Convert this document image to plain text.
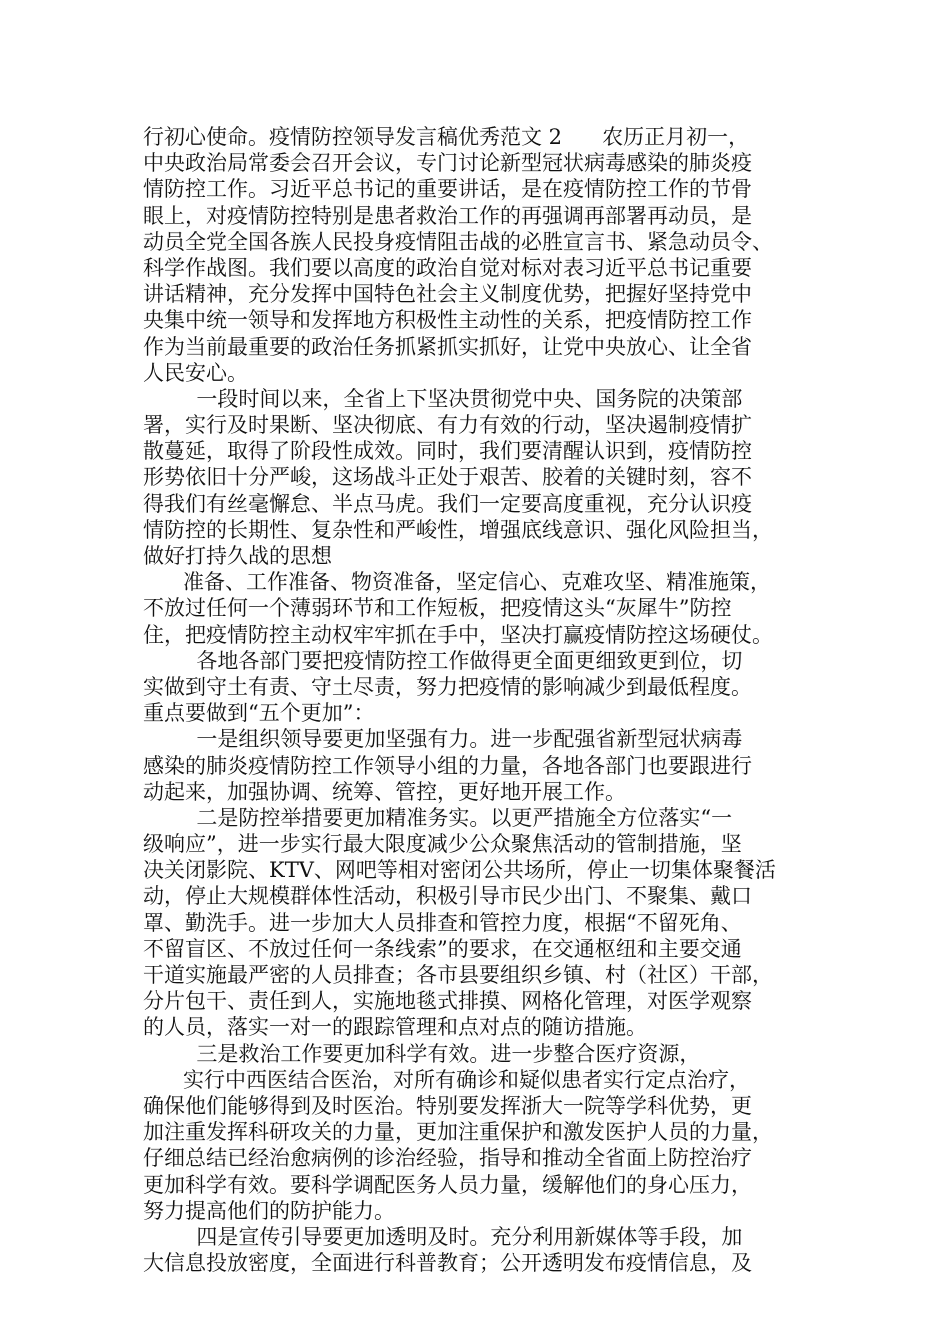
行初心使命。疫情防控领导发言稿优秀范文 2      农历正月初一，
中央政治局常委会召开会议，专门讨论新型冠状病毒感染的肺炎疫
情防控工作。习近平总书记的重要讲话，是在疫情防控工作的节骨
眼上，对疫情防控特别是患者救治工作的再强调再部署再动员，是
动员全党全国各族人民投身疫情阻击战的必胜宣言书、紧急动员令、
科学作战图。我们要以高度的政治自觉对标对表习近平总书记重要
讲话精神，充分发挥中国特色社会主义制度优势，把握好坚持党中
央集中统一领导和发挥地方积极性主动性的关系，把疫情防控工作
作为当前最重要的政治任务抓紧抓实抓好，让党中央放心、让全省
人民安心。
一段时间以来，全省上下坚决贯彻党中央、国务院的决策部
署，实行及时果断、坚决彻底、有力有效的行动，坚决遏制疫情扩
散蔓延，取得了阶段性成效。同时，我们要清醒认识到，疫情防控
形势依旧十分严峻，这场战斗正处于艰苦、胶着的关键时刻，容不
得我们有丝毫懈怠、半点马虎。我们一定要高度重视，充分认识疫
情防控的长期性、复杂性和严峻性，增强底线意识、强化风险担当，
做好打持久战的思想
准备、工作准备、物资准备，坚定信心、克难攻坚、精准施策，
不放过任何一个薄弱环节和工作短板，把疫情这头“灰犀牛”防控
住，把疫情防控主动权牢牢抓在手中，坚决打赢疫情防控这场硬仗。
各地各部门要把疫情防控工作做得更全面更细致更到位，切
实做到守土有责、守土尽责，努力把疫情的影响减少到最低程度。
重点要做到“五个更加”：
一是组织领导要更加坚强有力。进一步配强省新型冠状病毒
感染的肺炎疫情防控工作领导小组的力量，各地各部门也要跟进行
动起来，加强协调、统筹、管控，更好地开展工作。
二是防控举措要更加精准务实。以更严措施全方位落实“一
级响应”，进一步实行最大限度减少公众聚焦活动的管制措施，坚
决关闭影院、KTV、网吧等相对密闭公共场所，停止一切集体聚餐活
动，停止大规模群体性活动，积极引导市民少出门、不聚集、戴口
罩、勤洗手。进一步加大人员排查和管控力度，根据“不留死角、
不留盲区、不放过任何一条线索”的要求，在交通枢纽和主要交通
干道实施最严密的人员排查；各市县要组织乡镇、村（社区）干部，
分片包干、责任到人，实施地毯式排摸、网格化管理，对医学观察
的人员，落实一对一的跟踪管理和点对点的随访措施。
三是救治工作要更加科学有效。进一步整合医疗资源，
实行中西医结合医治，对所有确诊和疑似患者实行定点治疗，
确保他们能够得到及时医治。特别要发挥浙大一院等学科优势，更
加注重发挥科研攻关的力量，更加注重保护和激发医护人员的力量，
仔细总结已经治愈病例的诊治经验，指导和推动全省面上防控治疗
更加科学有效。要科学调配医务人员力量，缓解他们的身心压力，
努力提高他们的防护能力。
四是宣传引导要更加透明及时。充分利用新媒体等手段，加
大信息投放密度，全面进行科普教育；公开透明发布疫情信息，及
